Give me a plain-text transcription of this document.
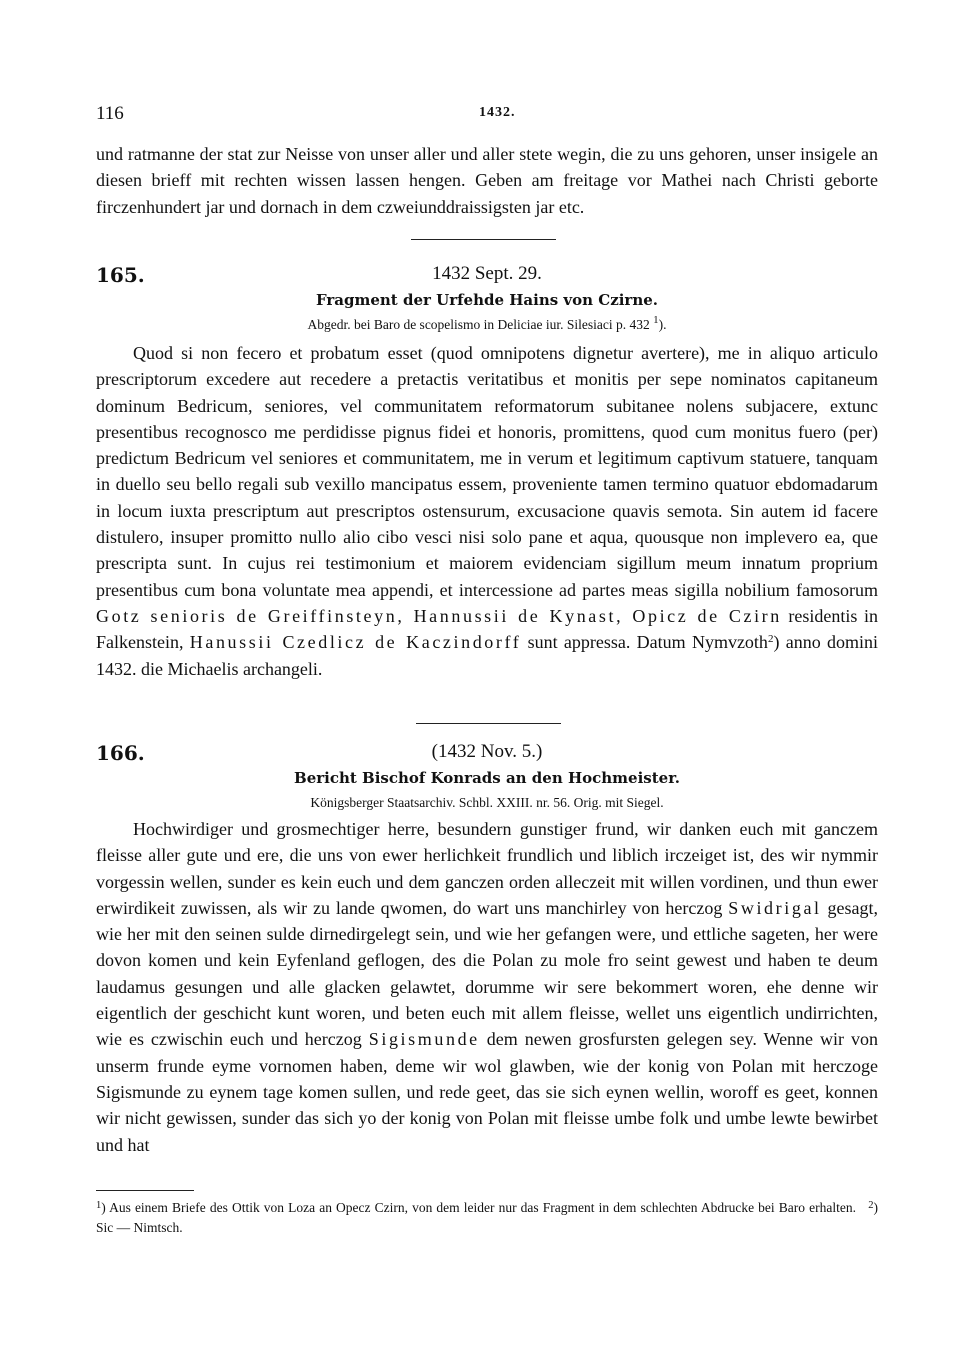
116	1432.

und ratmanne der stat zur Neisse von unser aller und aller stete wegin, die zu uns gehoren, unser insigele an diesen brieff mit rechten wissen lassen hengen. Geben am freitage vor Mathei nach Christi geborte firczenhundert jar und dornach in dem czweiunddraissigsten jar etc.

165.	1432 Sept. 29.
Fragment der Urfehde Hains von Czirne.
Abgedr. bei Baro de scopelismo in Deliciae iur. Silesiaci p. 432 $^1$).

Quod si non fecero et probatum esset (quod omnipotens dignetur avertere), me in aliquo articulo prescriptorum excedere aut recedere a pretactis veritatibus et monitis per sepe nominatos capitaneum dominum Bedricum, seniores, vel communitatem reformatorum subitanee nolens subjacere, extunc presentibus recognosco me perdidisse pignus fidei et honoris, promittens, quod cum monitus fuero (per) predictum Bedricum vel seniores et communitatem, me in verum et legitimum captivum statuere, tanquam in duello seu bello regali sub vexillo mancipatus essem, proveniente tamen termino quatuor ebdomadarum in locum iuxta prescriptum aut prescriptos ostensurum, excusacione quavis semota. Sin autem id facere distulero, insuper promitto nullo alio cibo vesci nisi solo pane et aqua, quousque non implevero ea, que prescripta sunt. In cujus rei testimonium et maiorem evidenciam sigillum meum innatum proprium presentibus cum bona voluntate mea appendi, et intercessione ad partes meas sigilla nobilium famosorum Gotz senioris de Greiffinsteyn, Hannussii de Kynast, Opicz de Czirn residentis in Falkenstein, Hanussii Czedlicz de Kaczindorff sunt appressa. Datum Nymvzoth$^2$) anno domini 1432. die Michaelis archangeli.

166.	(1432 Nov. 5.)
Bericht Bischof Konrads an den Hochmeister.
Königsberger Staatsarchiv. Schbl. XXIII. nr. 56. Orig. mit Siegel.

Hochwirdiger und grosmechtiger herre, besundern gunstiger frund, wir danken euch mit ganczem fleisse aller gute und ere, die uns von ewer herlichkeit frundlich und liblich irczeiget ist, des wir nymmir vorgessin wellen, sunder es kein euch und dem ganczen orden alleczeit mit willen vordinen, und thun ewer erwirdikeit zuwissen, als wir zu lande qwomen, do wart uns manchirley von herczog Swidrigal gesagt, wie her mit den seinen sulde dirnedirgelegt sein, und wie her gefangen were, und ettliche sageten, her were dovon komen und kein Eyfenland geflogen, des die Polan zu mole fro seint gewest und haben te deum laudamus gesungen und alle glacken gelawtet, dorumme wir sere bekommert woren, ehe denne wir eigentlich der geschicht kunt woren, und beten euch mit allem fleisse, wellet uns eigentlich undirrichten, wie es czwischin euch und herczog Sigismunde dem newen grosfursten gelegen sey. Wenne wir von unserm frunde eyme vornomen haben, deme wir wol glawben, wie der konig von Polan mit herczoge Sigismunde zu eynem tage komen sullen, und rede geet, das sie sich eynen wellin, woroff es geet, konnen wir nicht gewissen, sunder das sich yo der konig von Polan mit fleisse umbe folk und umbe lewte bewirbet und hat

$^1$) Aus einem Briefe des Ottik von Loza an Opecz Czirn, von dem leider nur das Fragment in dem schlechten Abdrucke bei Baro erhalten. $^2$) Sic — Nimtsch.
